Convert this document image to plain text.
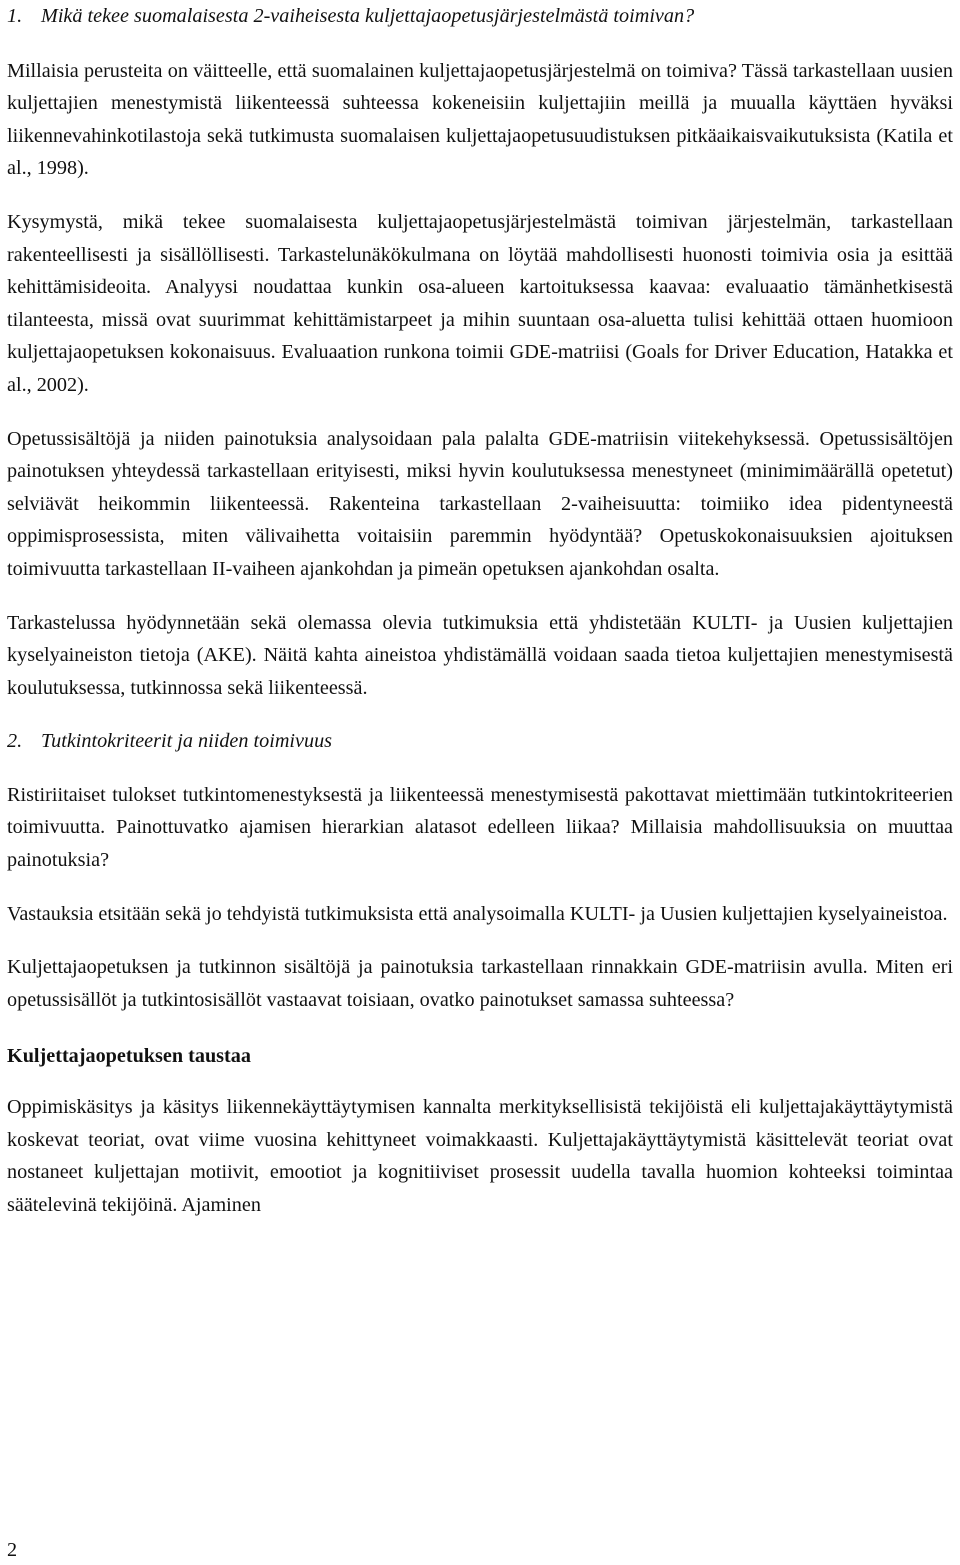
1. Mikä tekee suomalaisesta 2-vaiheisesta kuljettajaopetusjärjestelmästä toimivan?

Millaisia perusteita on väitteelle, että suomalainen kuljettajaopetusjärjestelmä on toimiva? Tässä tarkastellaan uusien kuljettajien menestymistä liikenteessä suhteessa kokeneisiin kuljettajiin meillä ja muualla käyttäen hyväksi liikennevahinkotilastoja sekä tutkimusta suomalaisen kuljettajaopetusuudistuksen pitkäaikaisvaikutuksista (Katila et al., 1998).

Kysymystä, mikä tekee suomalaisesta kuljettajaopetusjärjestelmästä toimivan järjestelmän, tarkastellaan rakenteellisesti ja sisällöllisesti. Tarkastelunäkökulmana on löytää mahdollisesti huonosti toimivia osia ja esittää kehittämisideoita. Analyysi noudattaa kunkin osa-alueen kartoituksessa kaavaa: evaluaatio tämänhetkisestä tilanteesta, missä ovat suurimmat kehittämistarpeet ja mihin suuntaan osa-aluetta tulisi kehittää ottaen huomioon kuljettajaopetuksen kokonaisuus. Evaluaation runkona toimii GDE-matriisi (Goals for Driver Education, Hatakka et al., 2002).

Opetussisältöjä ja niiden painotuksia analysoidaan pala palalta GDE-matriisin viitekehyksessä. Opetussisältöjen painotuksen yhteydessä tarkastellaan erityisesti, miksi hyvin koulutuksessa menestyneet (minimimäärällä opetetut) selviävät heikommin liikenteessä. Rakenteina tarkastellaan 2-vaiheisuutta: toimiiko idea pidentyneestä oppimisprosessista, miten välivaihetta voitaisiin paremmin hyödyntää? Opetuskokonaisuuksien ajoituksen toimivuutta tarkastellaan II-vaiheen ajankohdan ja pimeän opetuksen ajankohdan osalta.

Tarkastelussa hyödynnetään sekä olemassa olevia tutkimuksia että yhdistetään KULTI- ja Uusien kuljettajien kyselyaineiston tietoja (AKE). Näitä kahta aineistoa yhdistämällä voidaan saada tietoa kuljettajien menestymisestä koulutuksessa, tutkinnossa sekä liikenteessä.

2. Tutkintokriteerit ja niiden toimivuus

Ristiriitaiset tulokset tutkintomenestyksestä ja liikenteessä menestymisestä pakottavat miettimään tutkintokriteerien toimivuutta. Painottuvatko ajamisen hierarkian alatasot edelleen liikaa? Millaisia mahdollisuuksia on muuttaa painotuksia?

Vastauksia etsitään sekä jo tehdyistä tutkimuksista että analysoimalla KULTI- ja Uusien kuljettajien kyselyaineistoa.

Kuljettajaopetuksen ja tutkinnon sisältöjä ja painotuksia tarkastellaan rinnakkain GDE-matriisin avulla. Miten eri opetussisällöt ja tutkintosisällöt vastaavat toisiaan, ovatko painotukset samassa suhteessa?

Kuljettajaopetuksen taustaa

Oppimiskäsitys ja käsitys liikennekäyttäytymisen kannalta merkityksellisistä tekijöistä eli kuljettajakäyttäytymistä koskevat teoriat, ovat viime vuosina kehittyneet voimakkaasti. Kuljettajakäyttäytymistä käsittelevät teoriat ovat nostaneet kuljettajan motiivit, emootiot ja kognitiiviset prosessit uudella tavalla huomion kohteeksi toimintaa säätelevinä tekijöinä. Ajaminen

2
